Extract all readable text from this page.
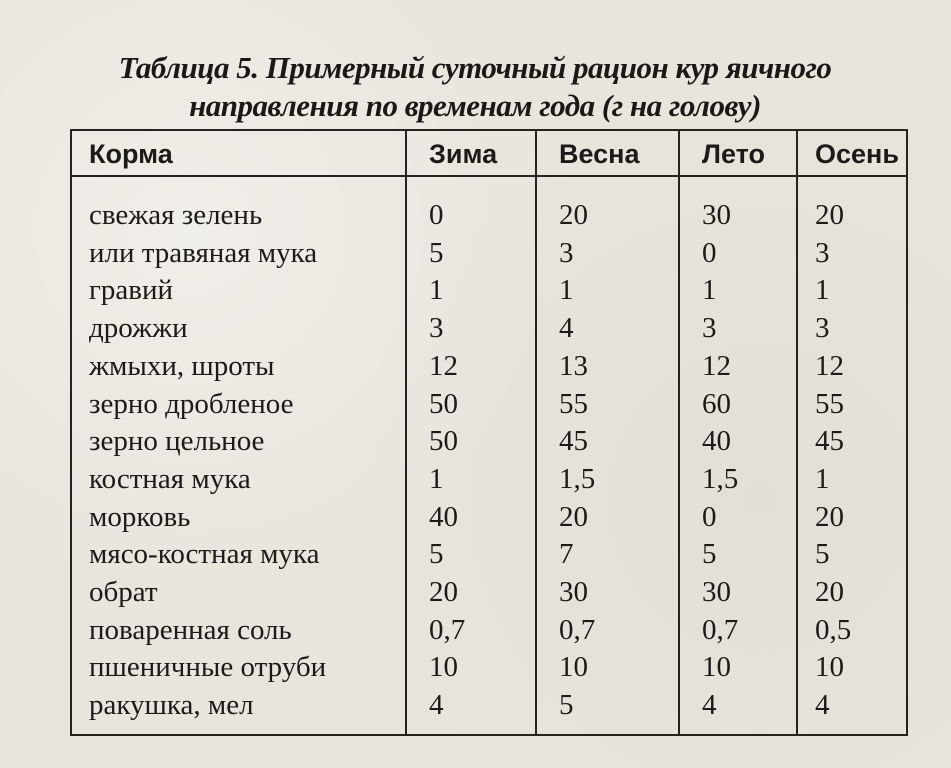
Таблица 5. Примерный суточный рацион кур яичного
направления по временам года (г на голову)
Корма	Зима Весна Лето Осень
свежая зелень	0	20	30	20
или травяная мука	5	3	0	3
гравий	1	1	1	1
дрожжи	3	4	3	3
жмыхи, шроты	12	13	12	12
зерно дробленое	50	55	60	55
зерно цельное	50	45	40	45
костная мука	1	1,5	1,5	1
морковь	40	20	0	20
мясо-костная мука	5	7	5	5
обрат	20	30	30	20
поваренная соль	0,7	0,7	0,7	0,5
пшеничные отруби	10	10	10	10
ракушка, мел	4	5	4	4
